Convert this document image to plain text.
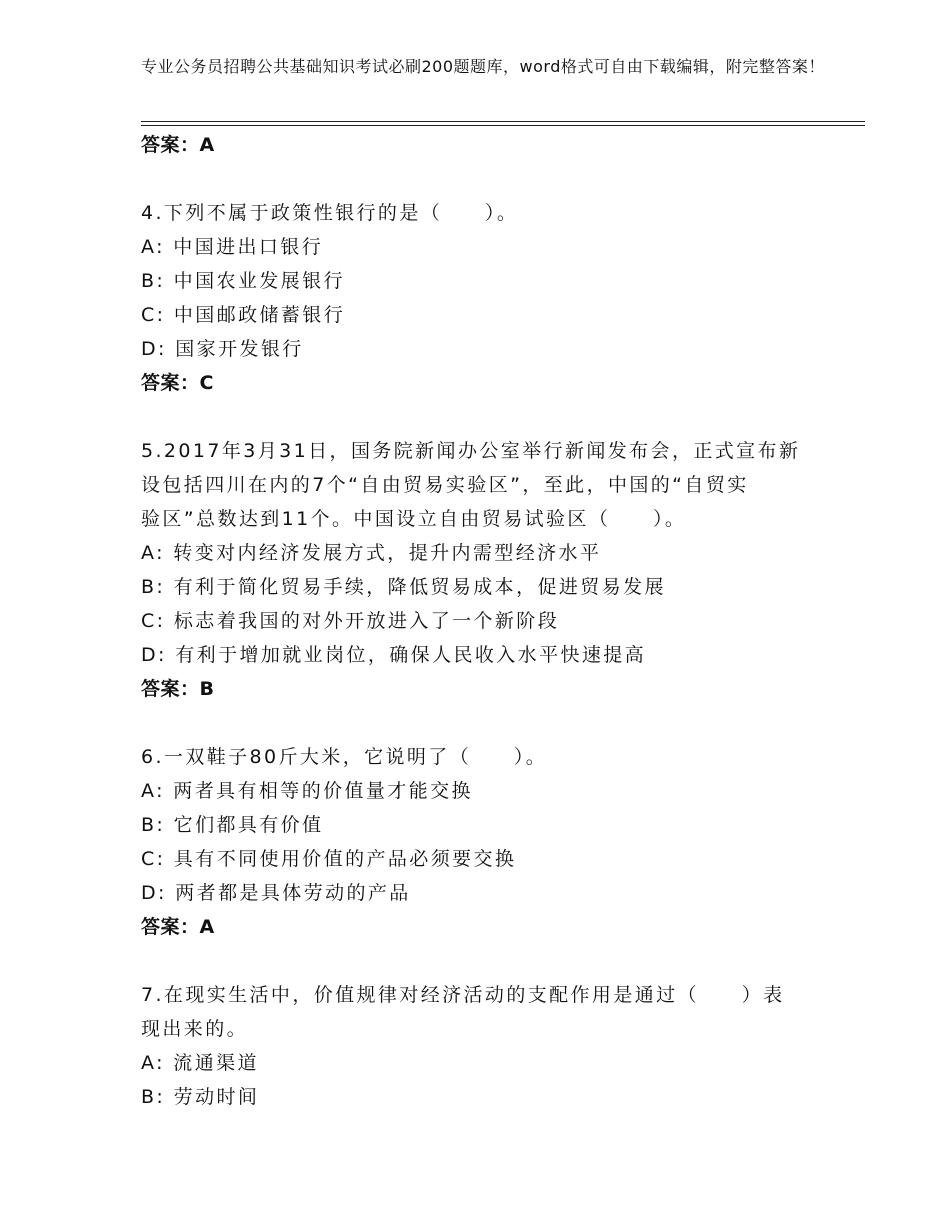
专业公务员招聘公共基础知识考试必刷200题题库，word格式可自由下载编辑，附完整答案！

答案：A

4.下列不属于政策性银行的是（　　）。

A: 中国进出口银行

B: 中国农业发展银行

C: 中国邮政储蓄银行

D: 国家开发银行

答案：C

5.2017年3月31日，国务院新闻办公室举行新闻发布会，正式宣布新

设包括四川在内的7个“自由贸易实验区”，至此，中国的“自贸实

验区”总数达到11个。中国设立自由贸易试验区（　　）。

A: 转变对内经济发展方式，提升内需型经济水平

B: 有利于简化贸易手续，降低贸易成本，促进贸易发展

C: 标志着我国的对外开放进入了一个新阶段

D: 有利于增加就业岗位，确保人民收入水平快速提高

答案：B

6.一双鞋子80斤大米，它说明了（　　）。

A: 两者具有相等的价值量才能交换

B: 它们都具有价值

C: 具有不同使用价值的产品必须要交换

D: 两者都是具体劳动的产品

答案：A

7.在现实生活中，价值规律对经济活动的支配作用是通过（　　）表

现出来的。

A: 流通渠道

B: 劳动时间
